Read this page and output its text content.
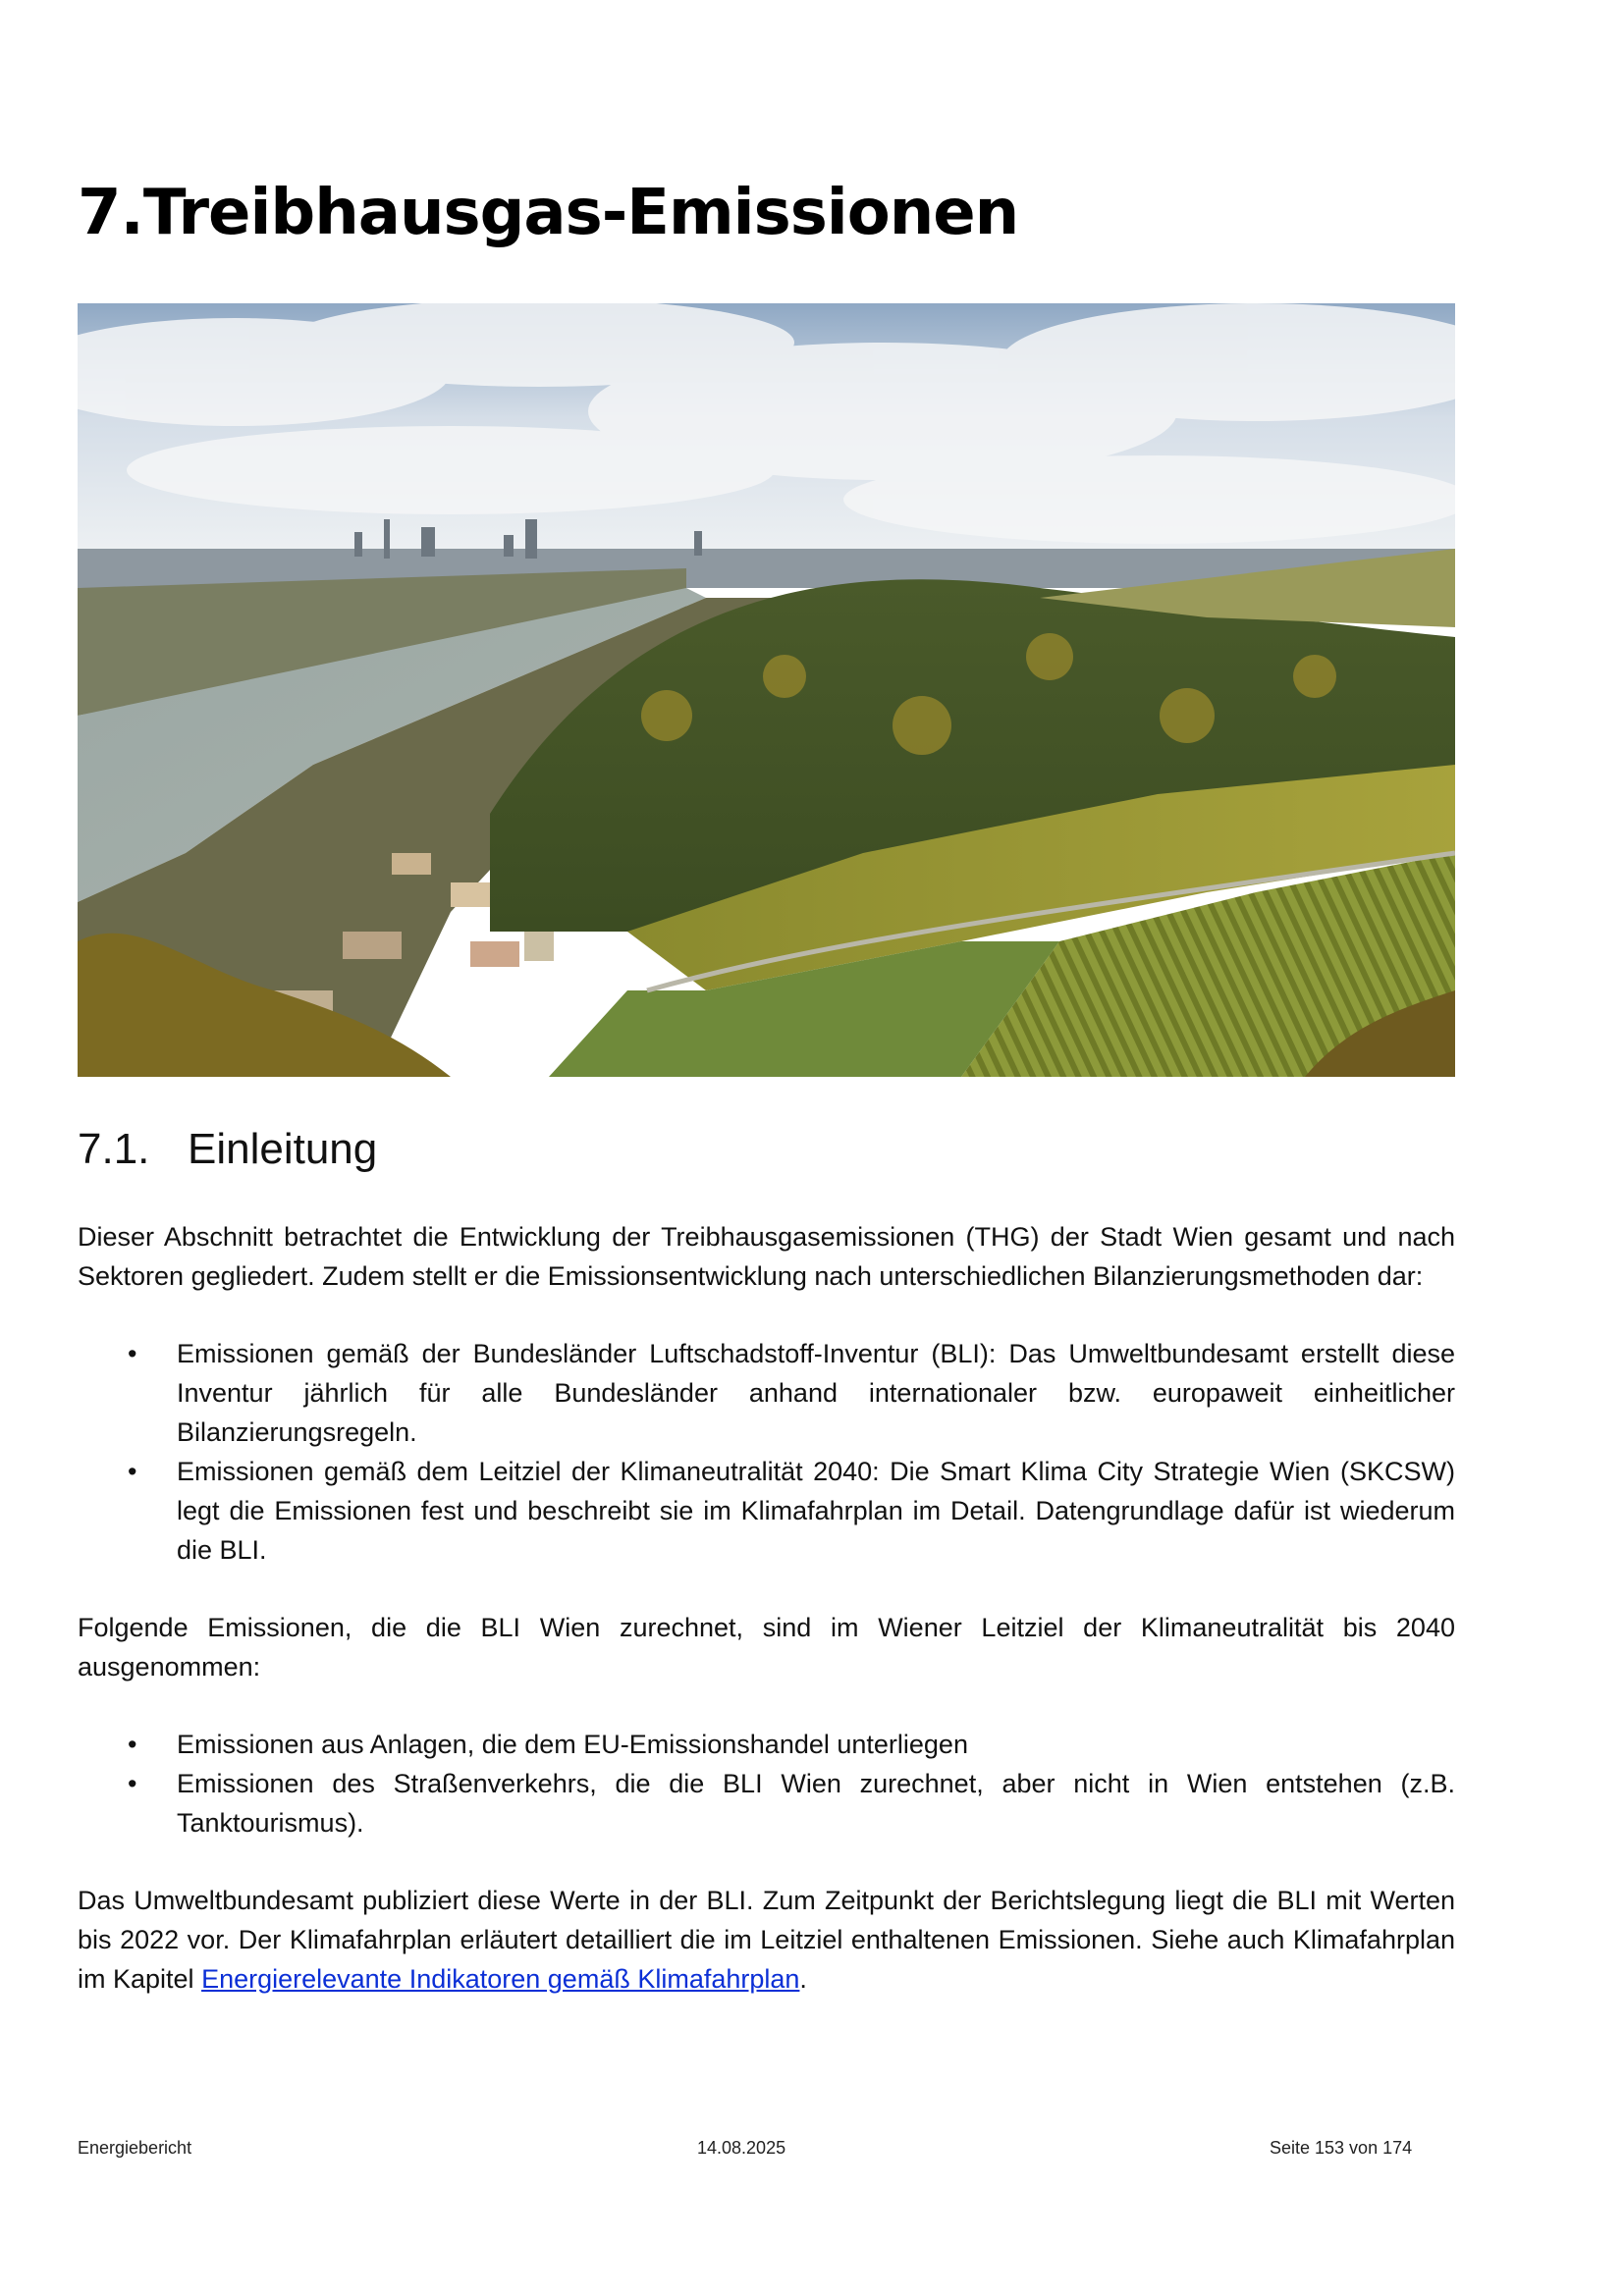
7.Treibhausgas-Emissionen
7.1. Einleitung

Dieser Abschnitt betrachtet die Entwicklung der Treibhausgasemissionen (THG) der Stadt Wien gesamt und nach Sektoren gegliedert. Zudem stellt er die Emissionsentwicklung nach unterschiedlichen Bilanzierungsmethoden dar:

• Emissionen gemäß der Bundesländer Luftschadstoff-Inventur (BLI): Das Umweltbundesamt erstellt diese Inventur jährlich für alle Bundesländer anhand internationaler bzw. europaweit einheitlicher Bilanzierungsregeln.
• Emissionen gemäß dem Leitziel der Klimaneutralität 2040: Die Smart Klima City Strategie Wien (SKCSW) legt die Emissionen fest und beschreibt sie im Klimafahrplan im Detail. Datengrundlage dafür ist wiederum die BLI.

Folgende Emissionen, die die BLI Wien zurechnet, sind im Wiener Leitziel der Klimaneutralität bis 2040 ausgenommen:

• Emissionen aus Anlagen, die dem EU-Emissionshandel unterliegen
• Emissionen des Straßenverkehrs, die die BLI Wien zurechnet, aber nicht in Wien entstehen (z.B. Tanktourismus).

Das Umweltbundesamt publiziert diese Werte in der BLI. Zum Zeitpunkt der Berichtslegung liegt die BLI mit Werten bis 2022 vor. Der Klimafahrplan erläutert detailliert die im Leitziel enthaltenen Emissionen. Siehe auch Klimafahrplan im Kapitel Energierelevante Indikatoren gemäß Klimafahrplan.

Energiebericht	14.08.2025	Seite 153 von 174
